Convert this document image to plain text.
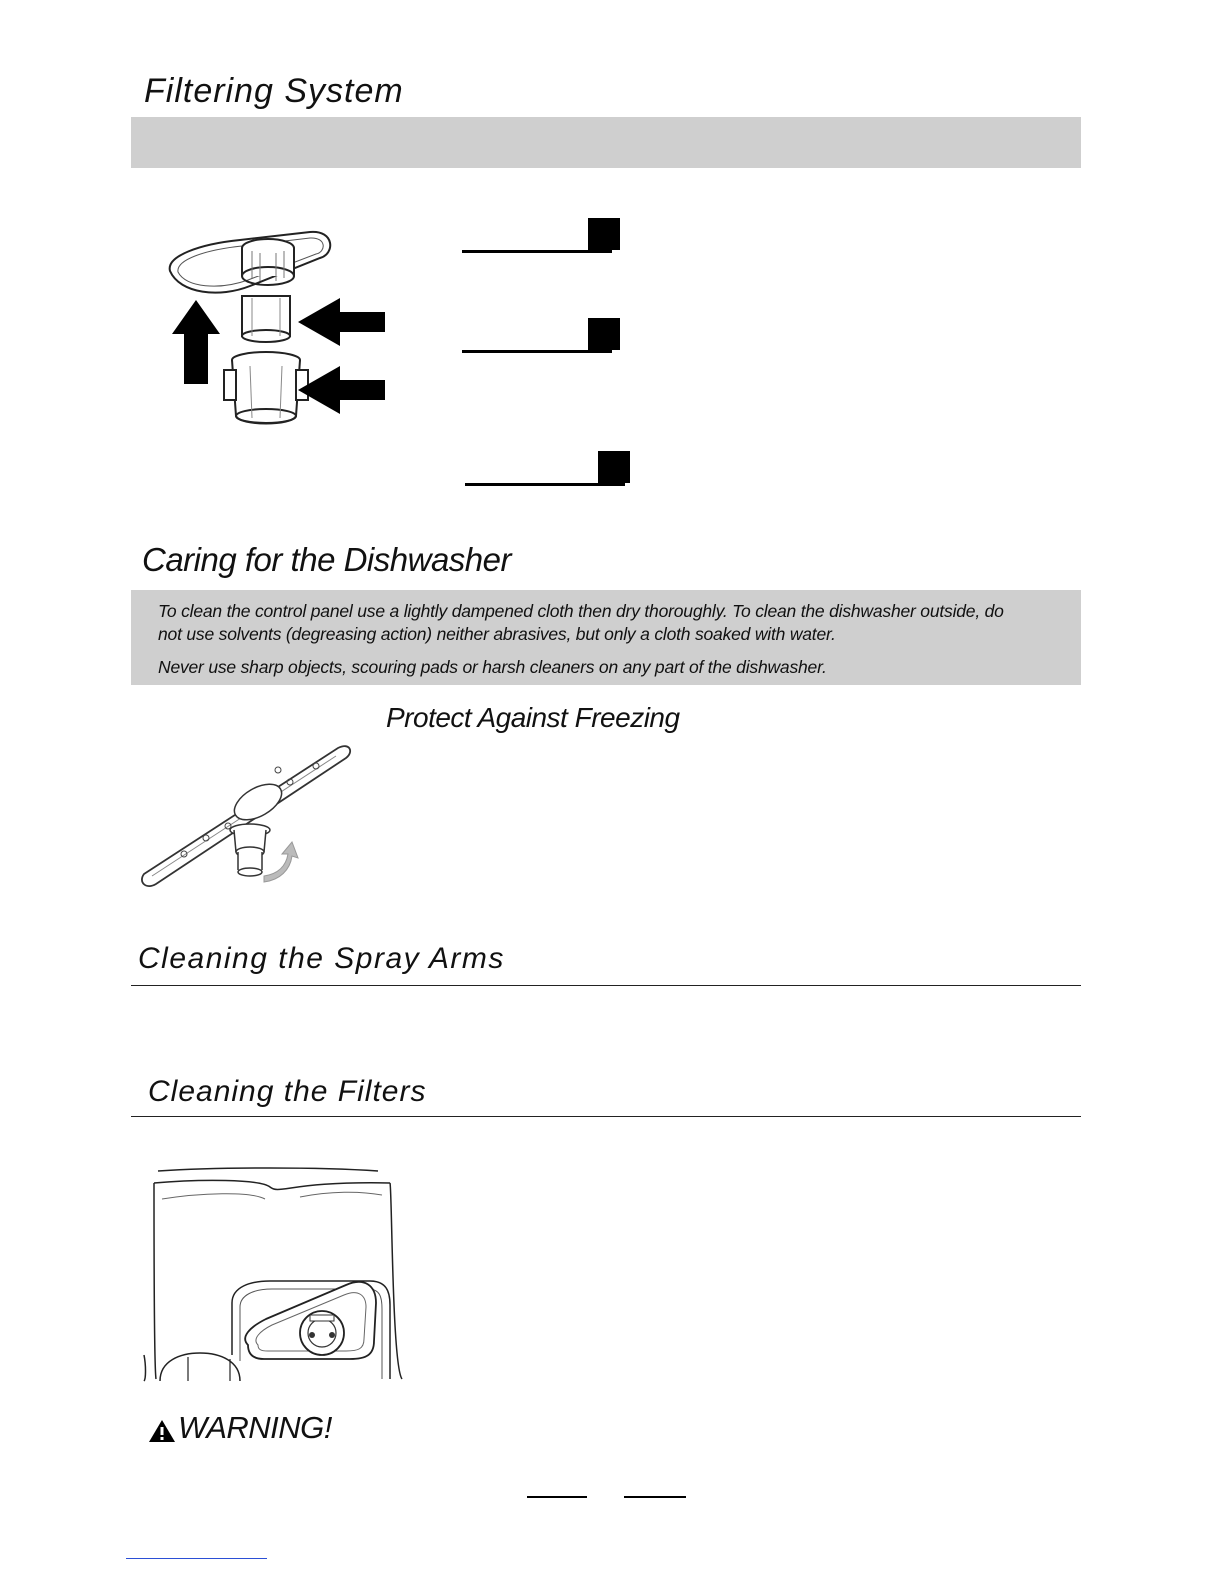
Filtering System
Caring for the Dishwasher
To clean the control panel use a lightly dampened cloth then dry thoroughly. To clean the dishwasher outside, do
not use solvents (degreasing action) neither abrasives, but only a cloth soaked with water.
Never use sharp objects, scouring pads or harsh cleaners on any part of the dishwasher.
Protect Against Freezing
Cleaning the Spray Arms
Cleaning the Filters
WARNING!
